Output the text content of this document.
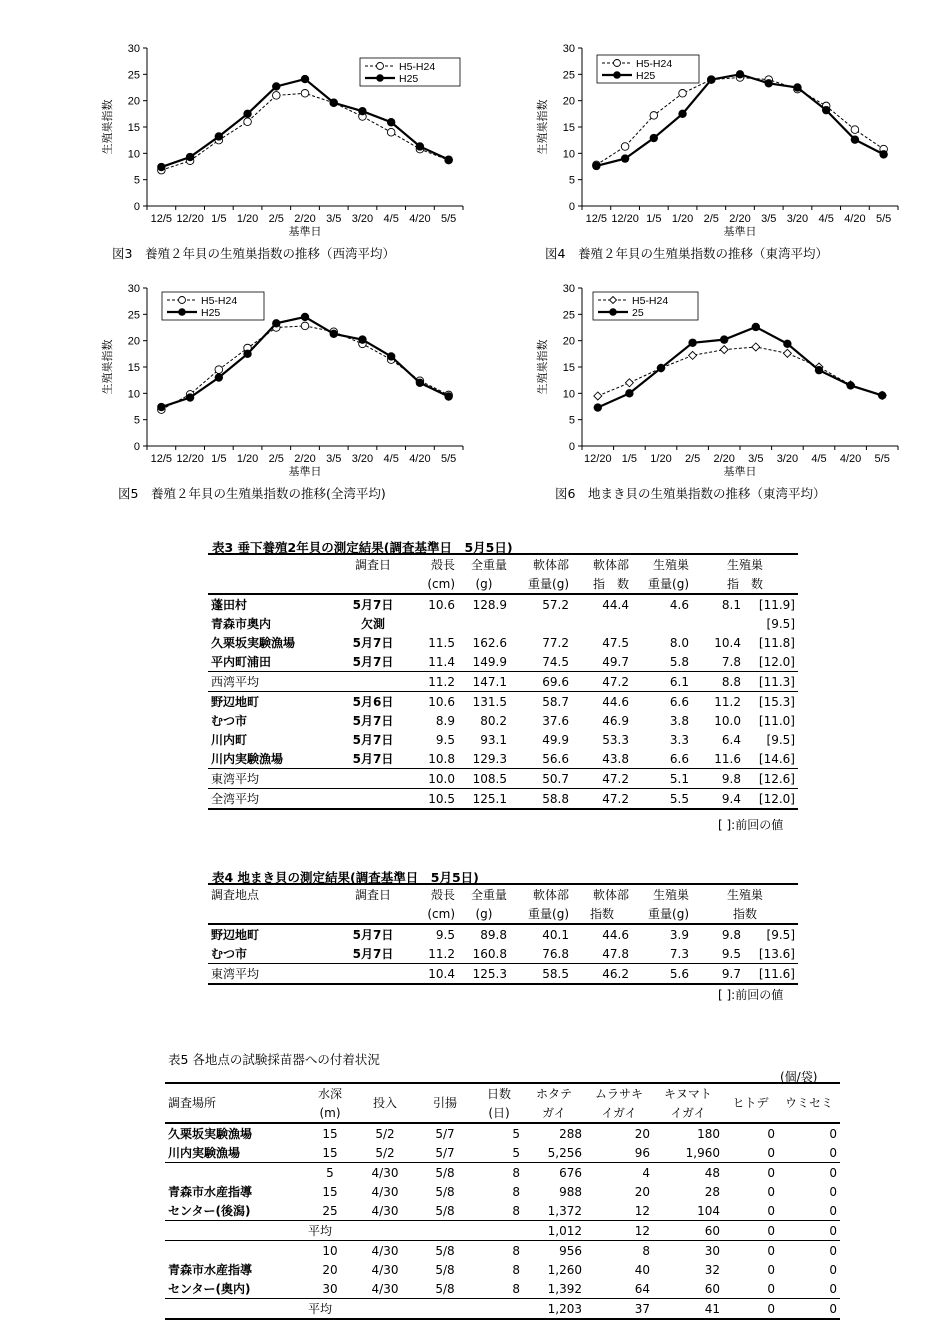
0
5
10
15
20
25
30
12/5 12/20 1/5 1/20 2/5 2/20 3/5 3/20 4/5 4/20 5/5
基準日
生殖巣指数
H5-H24
H25
0
5
10
15
20
25
30
12/5 12/20 1/5 1/20 2/5 2/20 3/5 3/20 4/5 4/20 5/5
基準日
生殖巣指数
H5-H24
H25
0
5
10
15
20
25
30
12/5 12/20 1/5 1/20 2/5 2/20 3/5 3/20 4/5 4/20 5/5
基準日
生殖巣指数
H5-H24
H25
0
5
10
15
20
25
30
12/20 1/5 1/20 2/5 2/20 3/5 3/20 4/5 4/20 5/5
基準日
生殖巣指数
H5-H24
25
図3　養殖２年貝の生殖巣指数の推移（西湾平均）	図4　養殖２年貝の生殖巣指数の推移（東湾平均）
図5　養殖２年貝の生殖巣指数の推移(全湾平均)	図6　地まき貝の生殖巣指数の推移（東湾平均）
表3 垂下養殖2年貝の測定結果(調査基準日　5月5日)
	調査日	殻長	全重量	軟体部	軟体部	生殖巣	生殖巣	
		(cm)	(g)	重量(g)	指　数	重量(g)	指　数	
蓬田村	5月7日	10.6	128.9	57.2	44.4	4.6	8.1	[11.9]
青森市奥内	欠測							[9.5]
久栗坂実験漁場	5月7日	11.5	162.6	77.2	47.5	8.0	10.4	[11.8]
平内町浦田	5月7日	11.4	149.9	74.5	49.7	5.8	7.8	[12.0]
西湾平均		11.2	147.1	69.6	47.2	6.1	8.8	[11.3]
野辺地町	5月6日	10.6	131.5	58.7	44.6	6.6	11.2	[15.3]
むつ市	5月7日	8.9	80.2	37.6	46.9	3.8	10.0	[11.0]
川内町	5月7日	9.5	93.1	49.9	53.3	3.3	6.4	[9.5]
川内実験漁場	5月7日	10.8	129.3	56.6	43.8	6.6	11.6	[14.6]
東湾平均		10.0	108.5	50.7	47.2	5.1	9.8	[12.6]
全湾平均		10.5	125.1	58.8	47.2	5.5	9.4	[12.0]
[ ]:前回の値
表4 地まき貝の測定結果(調査基準日　5月5日)
調査地点	調査日	殻長	全重量	軟体部	軟体部	生殖巣	生殖巣	
		(cm)	(g)	重量(g)	指数	重量(g)	指数	
野辺地町	5月7日	9.5	89.8	40.1	44.6	3.9	9.8	[9.5]
むつ市	5月7日	11.2	160.8	76.8	47.8	7.3	9.5	[13.6]
東湾平均		10.4	125.3	58.5	46.2	5.6	9.7	[11.6]
[ ]:前回の値
表5 各地点の試験採苗器への付着状況
(個/袋)
調査場所	水深	投入	引揚	日数	ホタテ	ムラサキ	キヌマト	ヒトデ	ウミセミ
	(m)			(日)	ガイ	イガイ	イガイ		
久栗坂実験漁場	15	5/2	5/7	5	288	20	180	0	0
川内実験漁場	15	5/2	5/7	5	5,256	96	1,960	0	0
	5	4/30	5/8	8	676	4	48	0	0
青森市水産指導	15	4/30	5/8	8	988	20	28	0	0
センター(後潟)	25	4/30	5/8	8	1,372	12	104	0	0
	平均				1,012	12	60	0	0
	10	4/30	5/8	8	956	8	30	0	0
青森市水産指導	20	4/30	5/8	8	1,260	40	32	0	0
センター(奥内)	30	4/30	5/8	8	1,392	64	60	0	0
	平均				1,203	37	41	0	0
